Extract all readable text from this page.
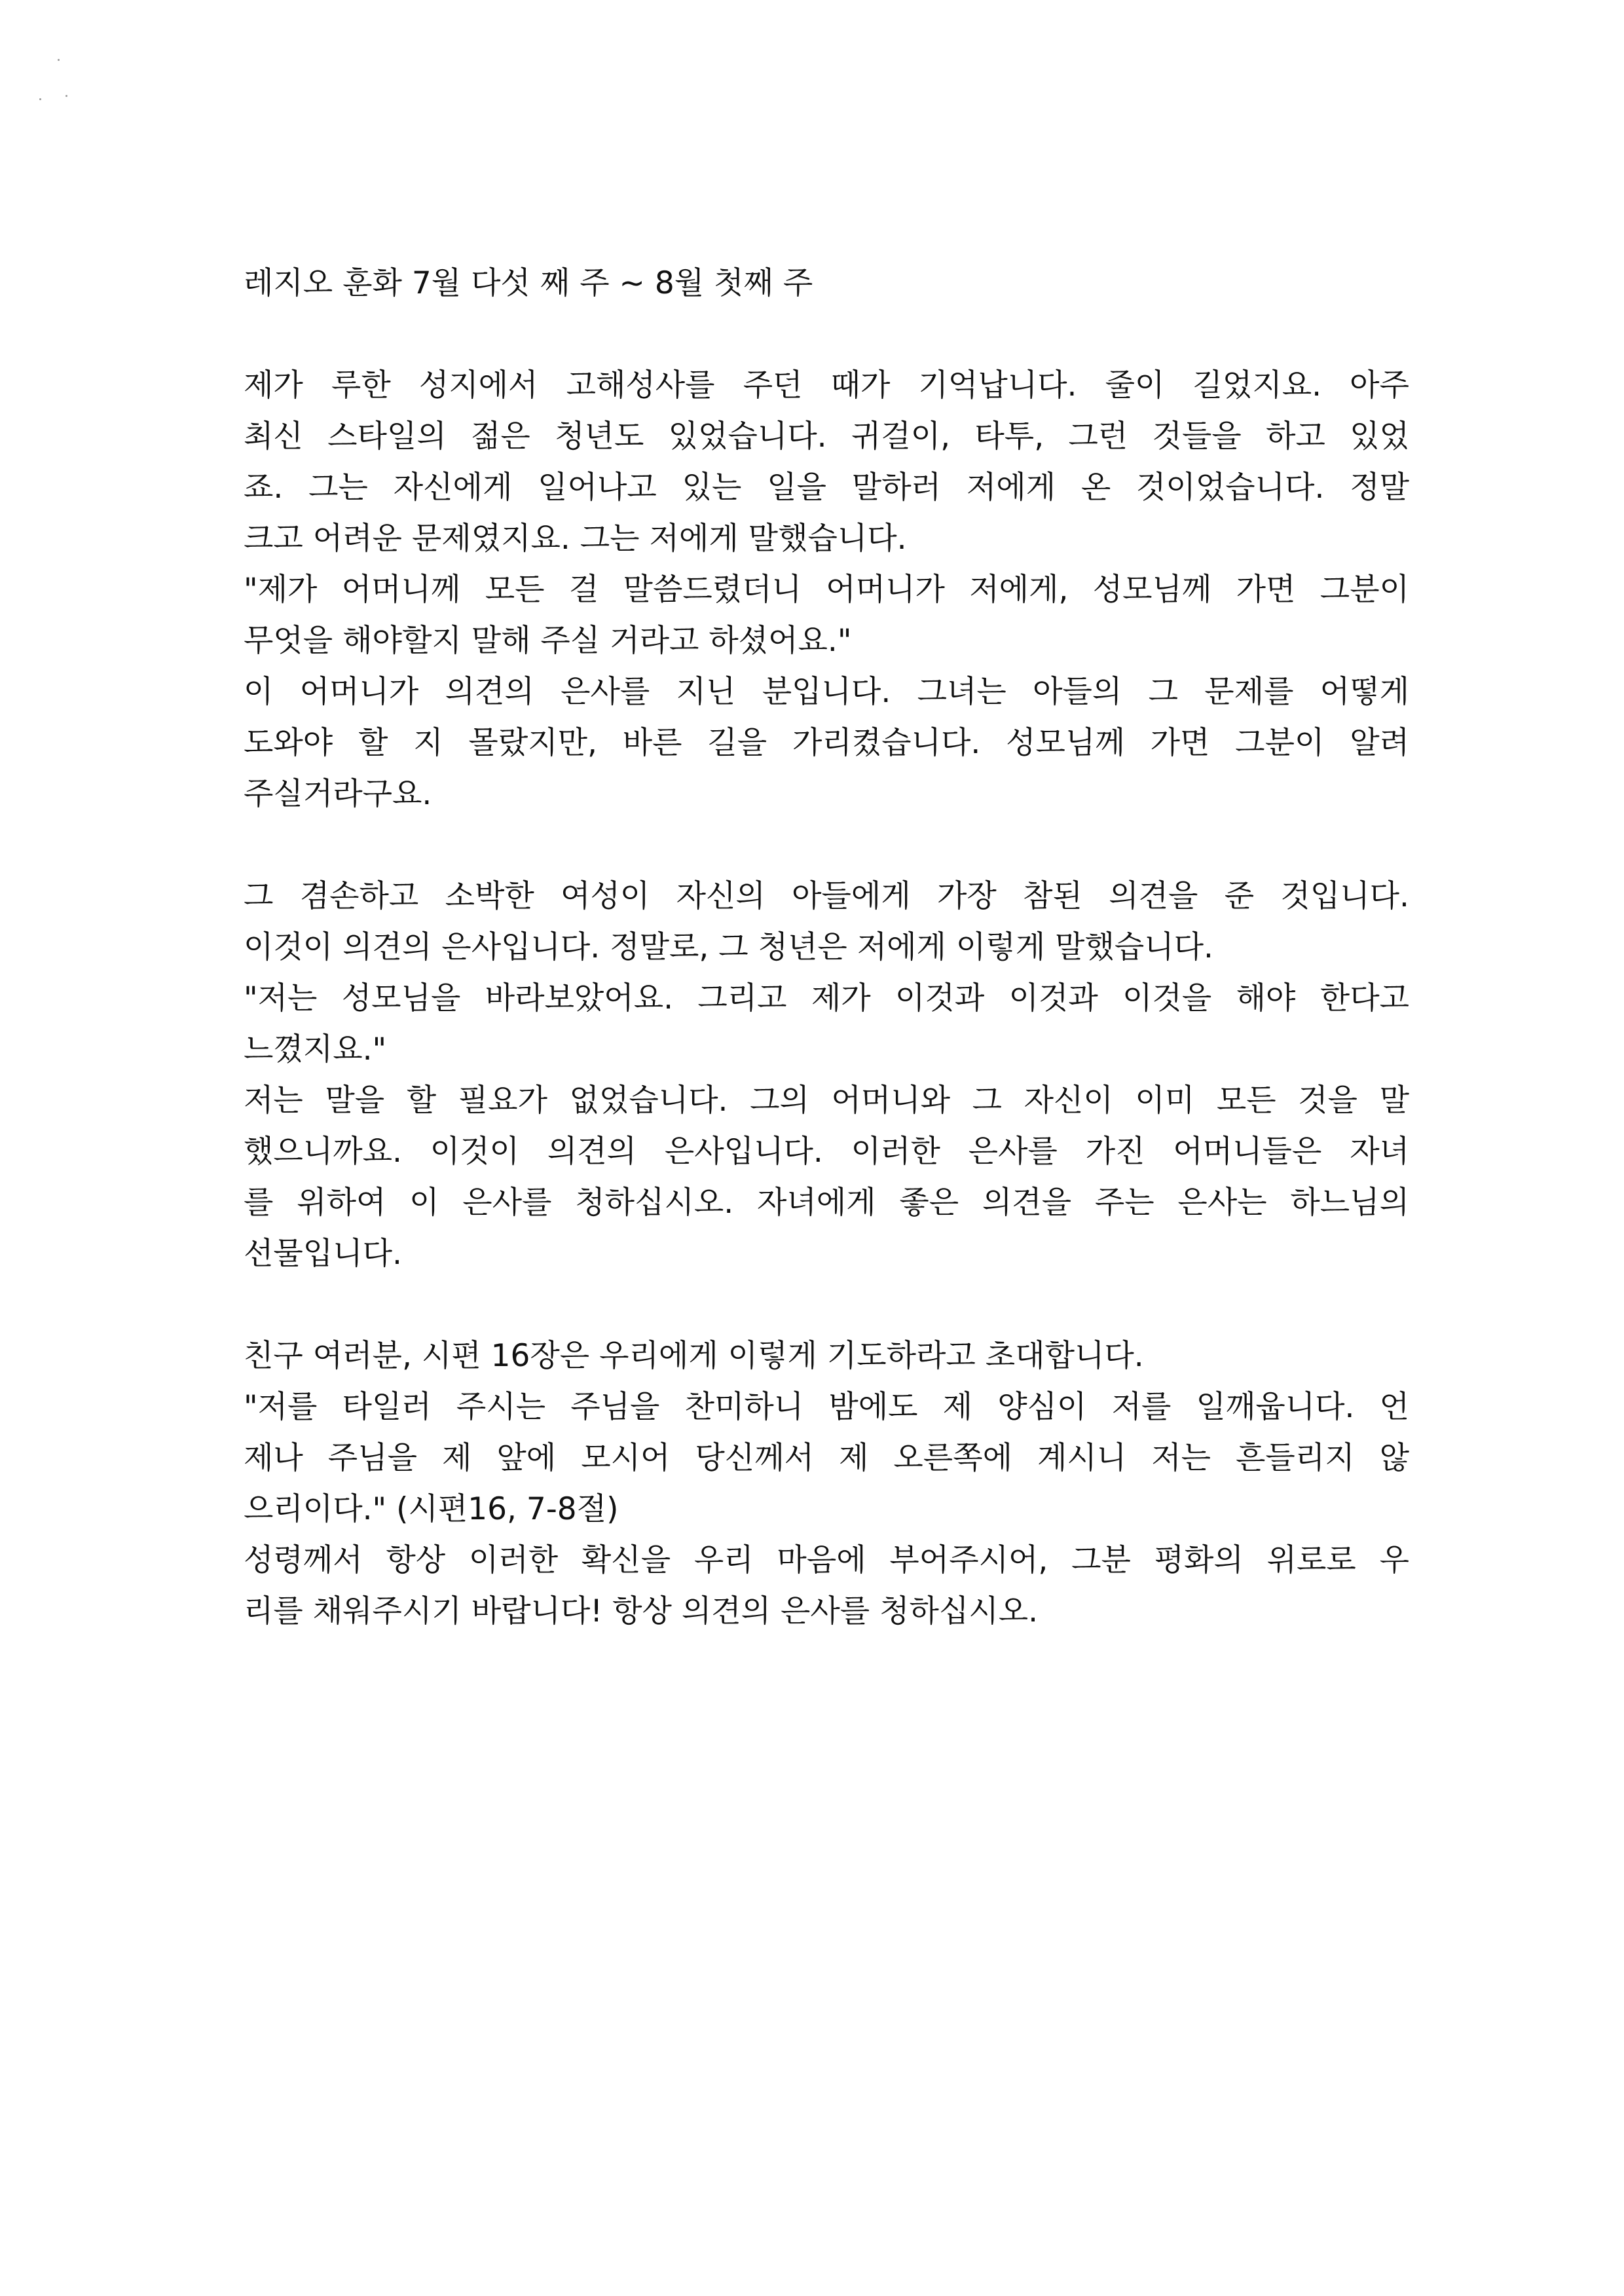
레지오 훈화 7월 다섯 째 주 ~ 8월 첫째 주
제가 루한 성지에서 고해성사를 주던 때가 기억납니다. 줄이 길었지요. 아주
최신 스타일의 젊은 청년도 있었습니다. 귀걸이, 타투, 그런 것들을 하고 있었
죠. 그는 자신에게 일어나고 있는 일을 말하러 저에게 온 것이었습니다. 정말
크고 어려운 문제였지요. 그는 저에게 말했습니다.
"제가 어머니께 모든 걸 말씀드렸더니 어머니가 저에게, 성모님께 가면 그분이
무엇을 해야할지 말해 주실 거라고 하셨어요."
이 어머니가 의견의 은사를 지닌 분입니다. 그녀는 아들의 그 문제를 어떻게
도와야 할 지 몰랐지만, 바른 길을 가리켰습니다. 성모님께 가면 그분이 알려
주실거라구요.
그 겸손하고 소박한 여성이 자신의 아들에게 가장 참된 의견을 준 것입니다.
이것이 의견의 은사입니다. 정말로, 그 청년은 저에게 이렇게 말했습니다.
"저는 성모님을 바라보았어요. 그리고 제가 이것과 이것과 이것을 해야 한다고
느꼈지요."
저는 말을 할 필요가 없었습니다. 그의 어머니와 그 자신이 이미 모든 것을 말
했으니까요. 이것이 의견의 은사입니다. 이러한 은사를 가진 어머니들은 자녀
를 위하여 이 은사를 청하십시오. 자녀에게 좋은 의견을 주는 은사는 하느님의
선물입니다.
친구 여러분, 시편 16장은 우리에게 이렇게 기도하라고 초대합니다.
"저를 타일러 주시는 주님을 찬미하니 밤에도 제 양심이 저를 일깨웁니다. 언
제나 주님을 제 앞에 모시어 당신께서 제 오른쪽에 계시니 저는 흔들리지 않
으리이다." (시편16, 7-8절)
성령께서 항상 이러한 확신을 우리 마음에 부어주시어, 그분 평화의 위로로 우
리를 채워주시기 바랍니다! 항상 의견의 은사를 청하십시오.
